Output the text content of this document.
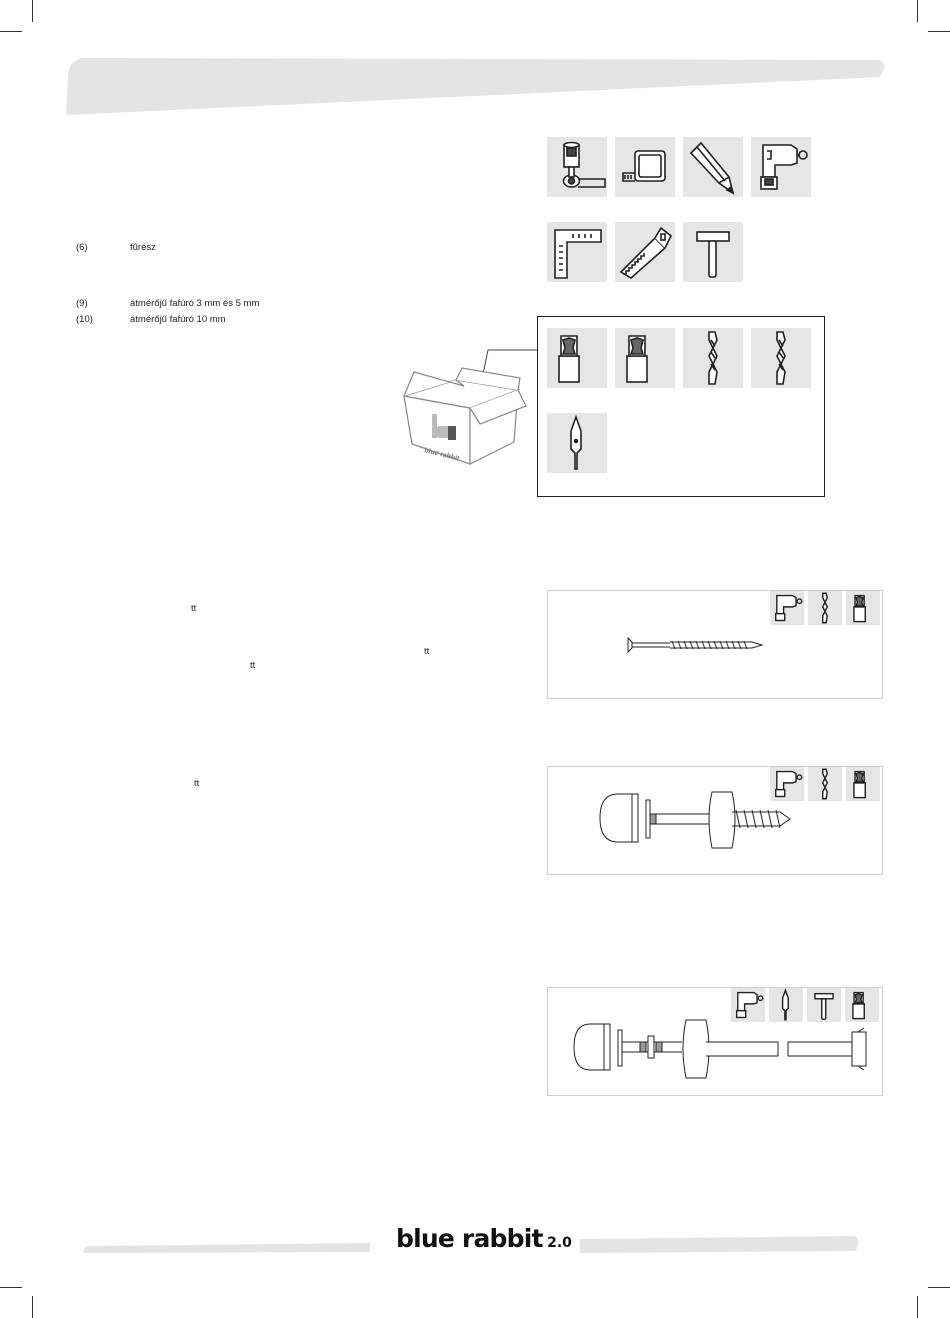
(6)	fűrész
(9)	átmérőjű fafúró 3 mm és 5 mm
(10)	átmérőjű fafúró 10 mm
tt
tt
tt
tt
blue rabbit
blue rabbit 2.0
